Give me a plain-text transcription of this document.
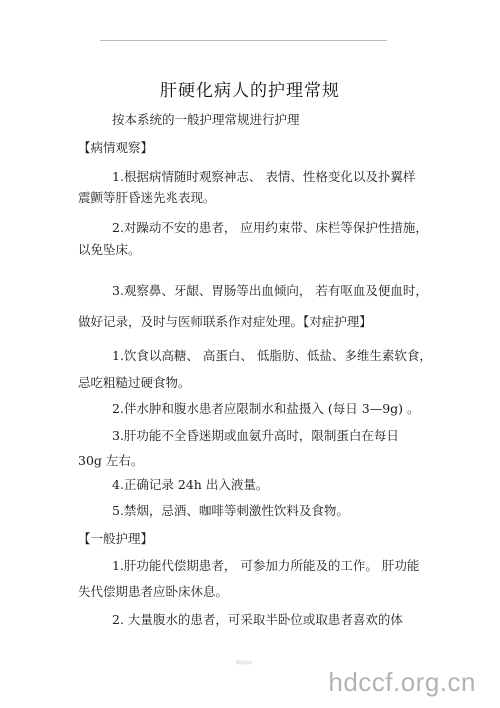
肝硬化病人的护理常规
按本系统的一般护理常规进行护理
【病情观察】
1.根据病情随时观察神志、 表情、性格变化以及扑翼样
震颤等肝昏迷先兆表现。
2.对躁动不安的患者， 应用约束带、床栏等保护性措施，
以免坠床。
3.观察鼻、牙龈、胃肠等出血倾向， 若有呕血及便血时，
做好记录，及时与医师联系作对症处理。【对症护理】
1.饮食以高糖、 高蛋白、 低脂肪、低盐、多维生素软食，
忌吃粗糙过硬食物。
2.伴水肿和腹水患者应限制水和盐摄入 (每日 3—9g) 。
3.肝功能不全昏迷期或血氨升高时，限制蛋白在每日
30g 左右。
4.正确记录 24h 出入液量。
5.禁烟，忌酒、咖啡等刺激性饮料及食物。
【一般护理】
1.肝功能代偿期患者， 可参加力所能及的工作。 肝功能
失代偿期患者应卧床休息。
2. 大量腹水的患者，可采取半卧位或取患者喜欢的体
精品资料
hdccf.org.cn
